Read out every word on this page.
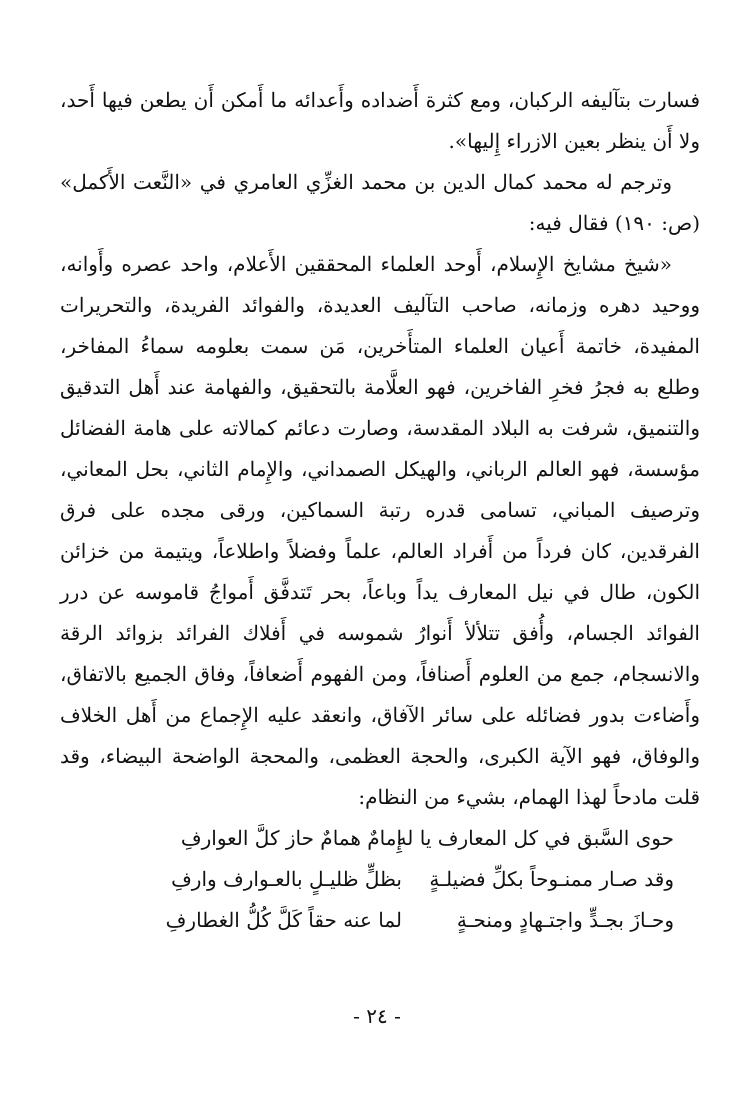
فسارت بتآليفه الركبان، ومع كثرة أَضداده وأَعدائه ما أَمكن أَن يطعن فيها أَحد، ولا أَن ينظر بعين الازراء إِليها».

وترجم له محمد كمال الدين بن محمد الغزِّي العامري في «النَّعت الأَكمل» (ص: ١٩٠) فقال فيه:

«شيخ مشايخ الإِسلام، أَوحد العلماء المحققين الأَعلام، واحد عصره وأَوانه، ووحيد دهره وزمانه، صاحب التآليف العديدة، والفوائد الفريدة، والتحريرات المفيدة، خاتمة أَعيان العلماء المتأَخرين، مَن سمت بعلومه سماءُ المفاخر، وطلع به فجرُ فخرِ الفاخرين، فهو العلَّامة بالتحقيق، والفهامة عند أَهل التدقيق والتنميق، شرفت به البلاد المقدسة، وصارت دعائم كمالاته على هامة الفضائل مؤسسة، فهو العالم الرباني، والهيكل الصمداني، والإِمام الثاني، بحل المعاني، وترصيف المباني، تسامى قدره رتبة السماكين، ورقى مجده على فرق الفرقدين، كان فرداً من أَفراد العالم، علماً وفضلاً واطلاعاً، ويتيمة من خزائن الكون، طال في نيل المعارف يداً وباعاً، بحر تَتدفَّق أَمواجُ قاموسه عن درر الفوائد الجسام، وأُفق تتلألأ أَنوارُ شموسه في أَفلاك الفرائد بزوائد الرقة والانسجام، جمع من العلوم أَصنافاً، ومن الفهوم أَضعافاً، وفاق الجميع بالاتفاق، وأَضاءت بدور فضائله على سائر الآفاق، وانعقد عليه الإِجماع من أَهل الخلاف والوفاق، فهو الآية الكبرى، والحجة العظمى، والمحجة الواضحة البيضاء، وقد قلت مادحاً لهذا الهمام، بشيء من النظام:

حوى السَّبق في كل المعارف يا له
إِمامٌ همامٌ حاز كلَّ العوارفِ
وقد صـار ممنـوحاً بكلِّ فضيلـةٍ
بظلٍّ ظليـلٍ بالعـوارف وارفِ
وحـازَ بجـدٍّ واجتـهادٍ ومنحـةٍ
لما عنه حقاً كَلَّ كُلُّ الغطارفِ
- ٢٤ -
